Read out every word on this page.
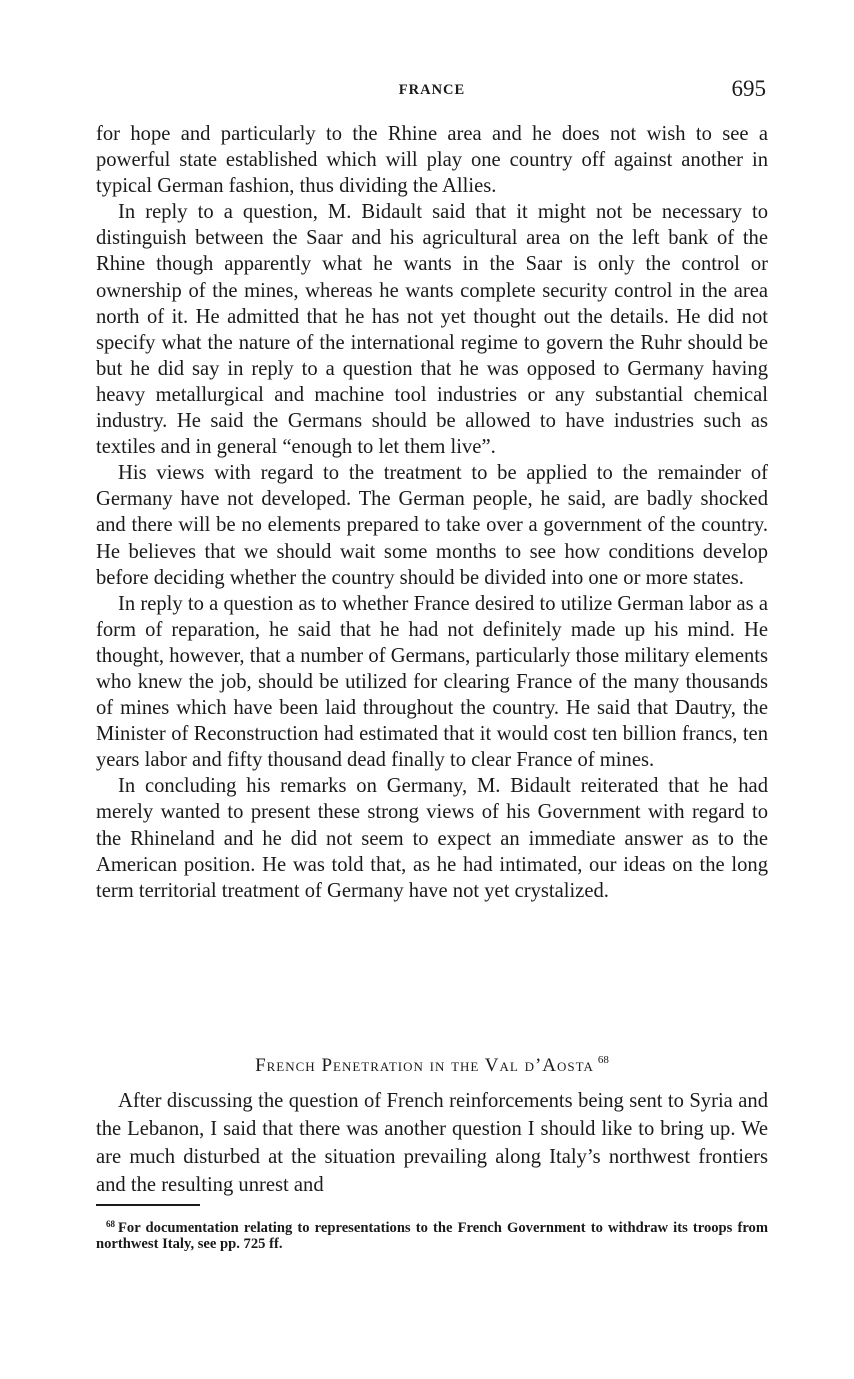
FRANCE	695

for hope and particularly to the Rhine area and he does not wish to see a powerful state established which will play one country off against another in typical German fashion, thus dividing the Allies.

In reply to a question, M. Bidault said that it might not be necessary to distinguish between the Saar and his agricultural area on the left bank of the Rhine though apparently what he wants in the Saar is only the control or ownership of the mines, whereas he wants complete security control in the area north of it. He admitted that he has not yet thought out the details. He did not specify what the nature of the international regime to govern the Ruhr should be but he did say in reply to a question that he was opposed to Germany having heavy metallurgical and machine tool industries or any substantial chemical industry. He said the Germans should be allowed to have industries such as textiles and in general “enough to let them live”.

His views with regard to the treatment to be applied to the remainder of Germany have not developed. The German people, he said, are badly shocked and there will be no elements prepared to take over a government of the country. He believes that we should wait some months to see how conditions develop before deciding whether the country should be divided into one or more states.

In reply to a question as to whether France desired to utilize German labor as a form of reparation, he said that he had not definitely made up his mind. He thought, however, that a number of Germans, particularly those military elements who knew the job, should be utilized for clearing France of the many thousands of mines which have been laid throughout the country. He said that Dautry, the Minister of Reconstruction had estimated that it would cost ten billion francs, ten years labor and fifty thousand dead finally to clear France of mines.

In concluding his remarks on Germany, M. Bidault reiterated that he had merely wanted to present these strong views of his Government with regard to the Rhineland and he did not seem to expect an immediate answer as to the American position. He was told that, as he had intimated, our ideas on the long term territorial treatment of Germany have not yet crystalized.

French Penetration in the Val d’Aosta $^{68}$
After discussing the question of French reinforcements being sent to Syria and the Lebanon, I said that there was another question I should like to bring up. We are much disturbed at the situation prevailing along Italy’s northwest frontiers and the resulting unrest and
$^{68}$ For documentation relating to representations to the French Government to withdraw its troops from northwest Italy, see pp. 725 ff.
